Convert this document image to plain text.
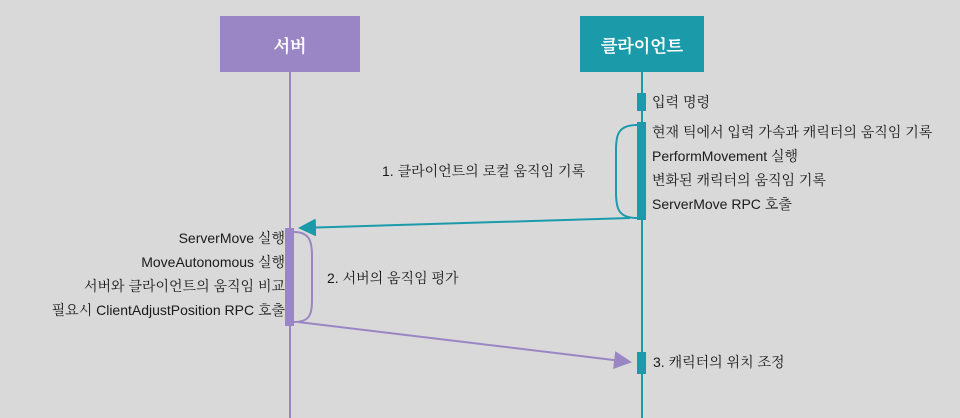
서버	클라이언트
입력 명령
현재 틱에서 입력 가속과 캐릭터의 움직임 기록
PerformMovement 실행
변화된 캐릭터의 움직임 기록
ServerMove RPC 호출
1. 클라이언트의 로컬 움직임 기록
ServerMove 실행
MoveAutonomous 실행
서버와 클라이언트의 움직임 비교
필요시 ClientAdjustPosition RPC 호출
2. 서버의 움직임 평가
3. 캐릭터의 위치 조정
